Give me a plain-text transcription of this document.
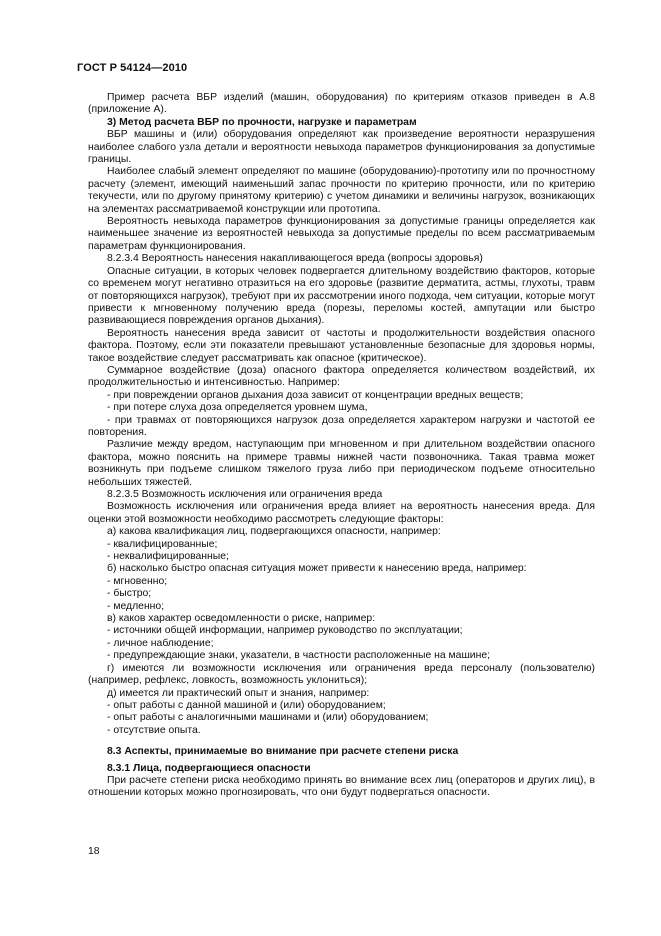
ГОСТ Р 54124—2010

Пример расчета ВБР изделий (машин, оборудования) по критериям отказов приведен в А.8 (приложение А).

3) Метод расчета ВБР по прочности, нагрузке и параметрам

ВБР машины и (или) оборудования определяют как произведение вероятности неразрушения наиболее слабого узла детали и вероятности невыхода параметров функционирования за допустимые границы.

Наиболее слабый элемент определяют по машине (оборудованию)-прототипу или по прочностному расчету (элемент, имеющий наименьший запас прочности по критерию прочности, или по критерию текучести, или по другому принятому критерию) с учетом динамики и величины нагрузок, возникающих на элементах рассматриваемой конструкции или прототипа.

Вероятность невыхода параметров функционирования за допустимые границы определяется как наименьшее значение из вероятностей невыхода за допустимые пределы по всем рассматриваемым параметрам функционирования.

8.2.3.4 Вероятность нанесения накапливающегося вреда (вопросы здоровья)

Опасные ситуации, в которых человек подвергается длительному воздействию факторов, которые со временем могут негативно отразиться на его здоровье (развитие дерматита, астмы, глухоты, травм от повторяющихся нагрузок), требуют при их рассмотрении иного подхода, чем ситуации, которые могут привести к мгновенному получению вреда (порезы, переломы костей, ампутации или быстро развивающиеся повреждения органов дыхания).

Вероятность нанесения вреда зависит от частоты и продолжительности воздействия опасного фактора. Поэтому, если эти показатели превышают установленные безопасные для здоровья нормы, такое воздействие следует рассматривать как опасное (критическое).

Суммарное воздействие (доза) опасного фактора определяется количеством воздействий, их продолжительностью и интенсивностью. Например:

- при повреждении органов дыхания доза зависит от концентрации вредных веществ;

- при потере слуха доза определяется уровнем шума,

- при травмах от повторяющихся нагрузок доза определяется характером нагрузки и частотой ее повторения.

Различие между вредом, наступающим при мгновенном и при длительном воздействии опасного фактора, можно пояснить на примере травмы нижней части позвоночника. Такая травма может возникнуть при подъеме слишком тяжелого груза либо при периодическом подъеме относительно небольших тяжестей.

8.2.3.5 Возможность исключения или ограничения вреда

Возможность исключения или ограничения вреда влияет на вероятность нанесения вреда. Для оценки этой возможности необходимо рассмотреть следующие факторы:

а) какова квалификация лиц, подвергающихся опасности, например:

- квалифицированные;

- неквалифицированные;

б) насколько быстро опасная ситуация может привести к нанесению вреда, например:

- мгновенно;

- быстро;

- медленно;

в) каков характер осведомленности о риске, например:

- источники общей информации, например руководство по эксплуатации;

- личное наблюдение;

- предупреждающие знаки, указатели, в частности расположенные на машине;

г) имеются ли возможности исключения или ограничения вреда персоналу (пользователю) (например, рефлекс, ловкость, возможность уклониться);

д) имеется ли практический опыт и знания, например:

- опыт работы с данной машиной и (или) оборудованием;

- опыт работы с аналогичными машинами и (или) оборудованием;

- отсутствие опыта.

8.3 Аспекты, принимаемые во внимание при расчете степени риска

8.3.1 Лица, подвергающиеся опасности

При расчете степени риска необходимо принять во внимание всех лиц (операторов и других лиц), в отношении которых можно прогнозировать, что они будут подвергаться опасности.

18
